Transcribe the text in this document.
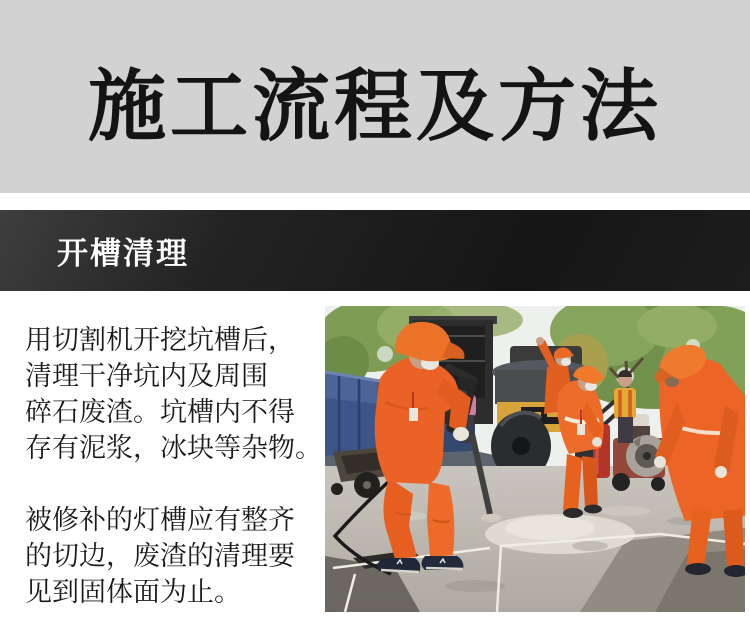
施工流程及方法
开槽清理
用切割机开挖坑槽后，
清理干净坑内及周围
碎石废渣。坑槽内不得
存有泥浆，冰块等杂物。
被修补的灯槽应有整齐
的切边，废渣的清理要
见到固体面为止。
